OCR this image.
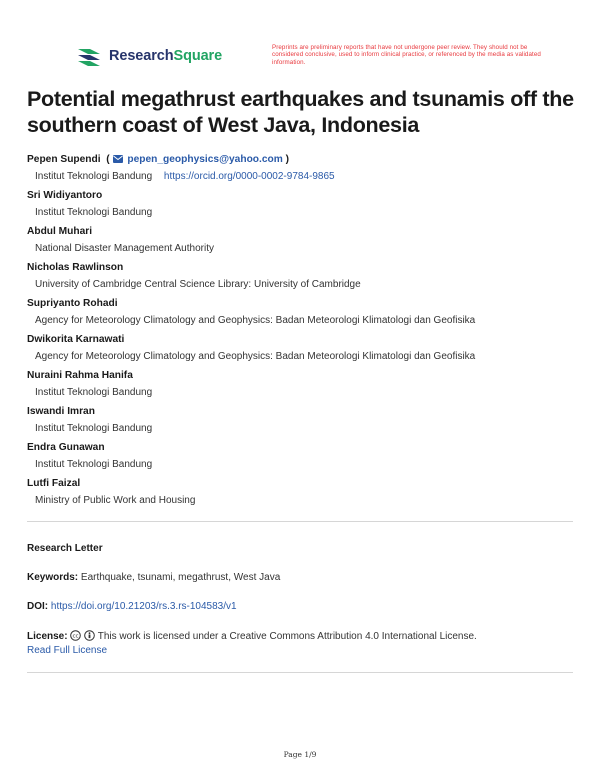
ResearchSquare
Preprints are preliminary reports that have not undergone peer review. They should not be considered conclusive, used to inform clinical practice, or referenced by the media as validated information.
Potential megathrust earthquakes and tsunamis off the southern coast of West Java, Indonesia
Pepen Supendi  ( pepen_geophysics@yahoo.com )
Institut Teknologi Bandung https://orcid.org/0000-0002-9784-9865
Sri Widiyantoro
Institut Teknologi Bandung
Abdul Muhari
National Disaster Management Authority
Nicholas Rawlinson
University of Cambridge Central Science Library: University of Cambridge
Supriyanto Rohadi
Agency for Meteorology Climatology and Geophysics: Badan Meteorologi Klimatologi dan Geofisika
Dwikorita Karnawati
Agency for Meteorology Climatology and Geophysics: Badan Meteorologi Klimatologi dan Geofisika
Nuraini Rahma Hanifa
Institut Teknologi Bandung
Iswandi Imran
Institut Teknologi Bandung
Endra Gunawan
Institut Teknologi Bandung
Lutfi Faizal
Ministry of Public Work and Housing
Research Letter
Keywords: Earthquake, tsunami, megathrust, West Java
DOI: https://doi.org/10.21203/rs.3.rs-104583/v1
License: cc This work is licensed under a Creative Commons Attribution 4.0 International License.
Read Full License
Page 1/9
